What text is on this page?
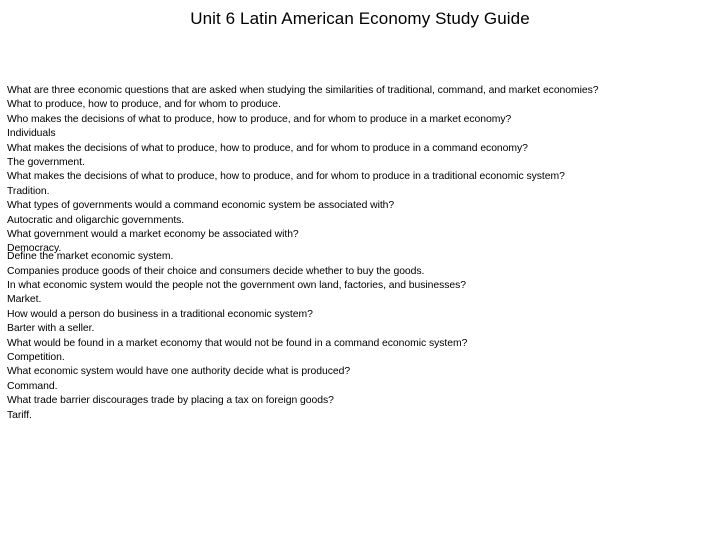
Unit 6 Latin American Economy Study Guide
What are three economic questions that are asked when studying the similarities of traditional, command, and market economies?
What to produce, how to produce, and for whom to produce.
Who makes the decisions of what to produce, how to produce, and for whom to produce in a market economy?
Individuals
What makes the decisions of what to produce, how to produce, and for whom to produce in a command economy?
The government.
What makes the decisions of what to produce, how to produce, and for whom to produce in a traditional economic system?
Tradition.
What types of governments would a command economic system be associated with?
Autocratic and oligarchic governments.
What government would a market economy be associated with?
Democracy.
Define the market economic system.
Companies produce goods of their choice and consumers decide whether to buy the goods.
In what economic system would the people not the government own land, factories, and businesses?
Market.
How would a person do business in a traditional economic system?
Barter with a seller.
What would be found in a market economy that would not be found in a command economic system?
Competition.
What economic system would have one authority decide what is produced?
Command.
What trade barrier discourages trade by placing a tax on foreign goods?
Tariff.
